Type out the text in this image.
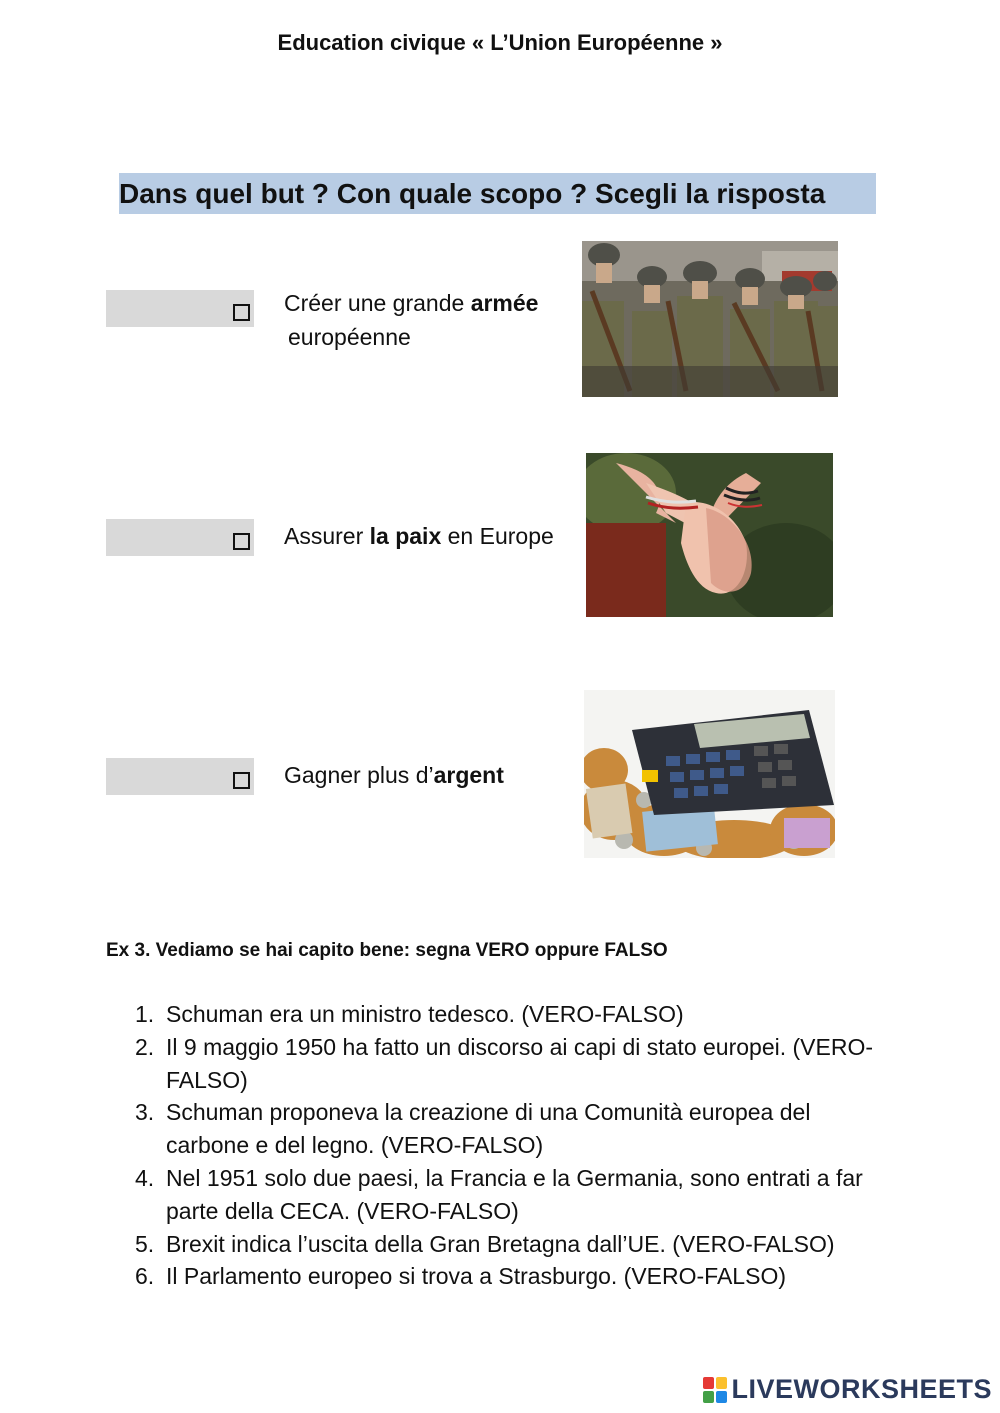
Education civique « L’Union Européenne »
Dans quel but ? Con quale scopo ? Scegli la risposta
Créer une grande armée
européenne
Assurer la paix en Europe
Gagner plus d’argent
Ex 3. Vediamo se hai capito bene: segna VERO oppure FALSO
1. Schuman era un ministro tedesco. (VERO-FALSO)
2. Il 9 maggio 1950 ha fatto un discorso ai capi di stato europei. (VERO-FALSO)
3. Schuman proponeva la creazione di una Comunità europea del carbone e del legno. (VERO-FALSO)
4. Nel 1951 solo due paesi, la Francia e la Germania, sono entrati a far parte della CECA. (VERO-FALSO)
5. Brexit indica l’uscita della Gran Bretagna dall’UE. (VERO-FALSO)
6. Il Parlamento europeo si trova a Strasburgo. (VERO-FALSO)
LIVEWORKSHEETS
